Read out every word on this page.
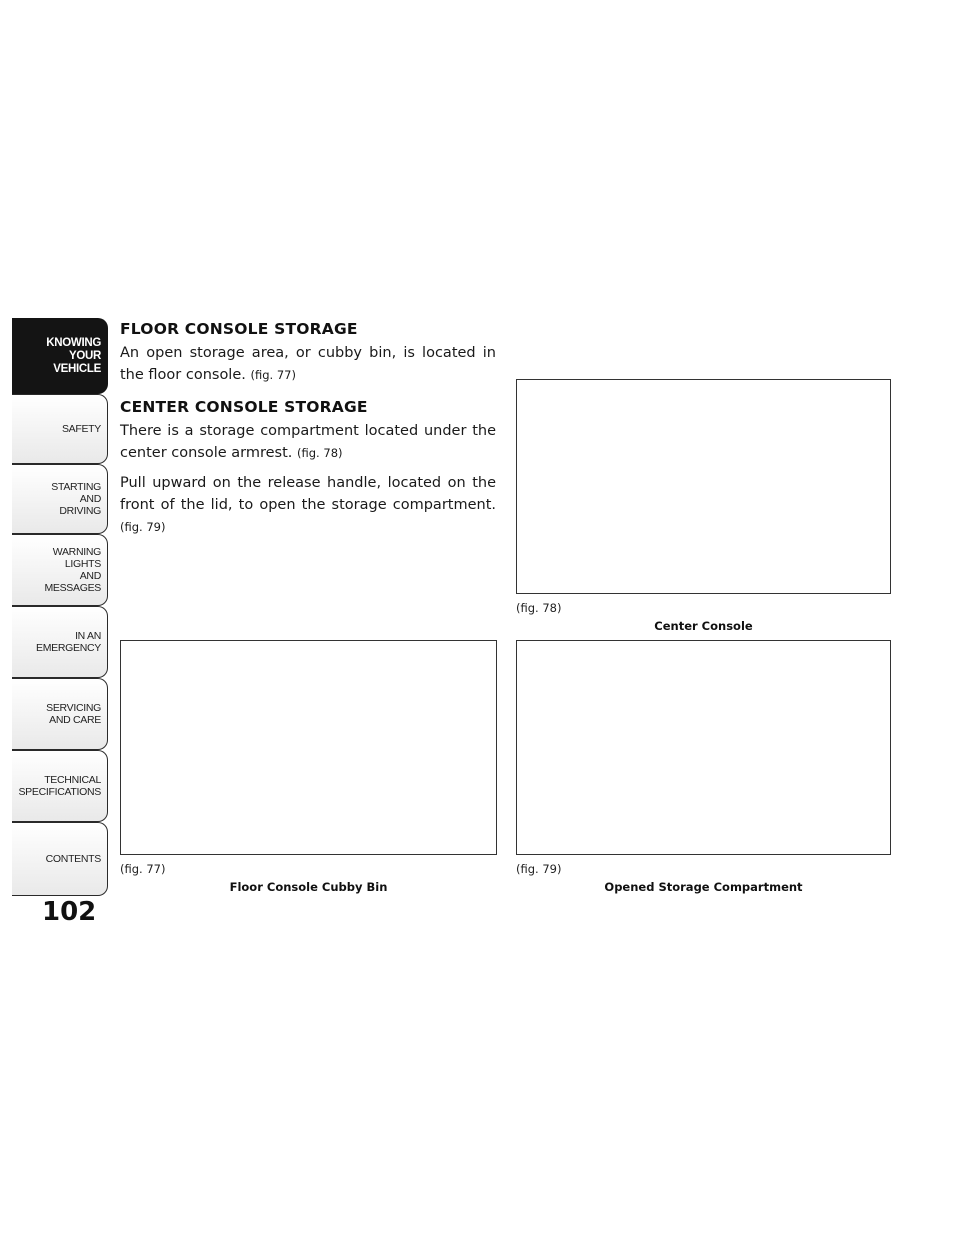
KNOWING
YOUR
VEHICLE
SAFETY
STARTING
AND
DRIVING
WARNING
LIGHTS
AND
MESSAGES
IN AN
EMERGENCY
SERVICING
AND CARE
TECHNICAL
SPECIFICATIONS
CONTENTS
102
FLOOR CONSOLE STORAGE

An open storage area, or cubby bin, is located in the floor console. (fig. 77)

CENTER CONSOLE STORAGE

There is a storage compartment located under the center console armrest. (fig. 78)

Pull upward on the release handle, located on the front of the lid, to open the storage compartment. (fig. 79)

(fig. 78)
Center Console
(fig. 77)
Floor Console Cubby Bin
(fig. 79)
Opened Storage Compartment
